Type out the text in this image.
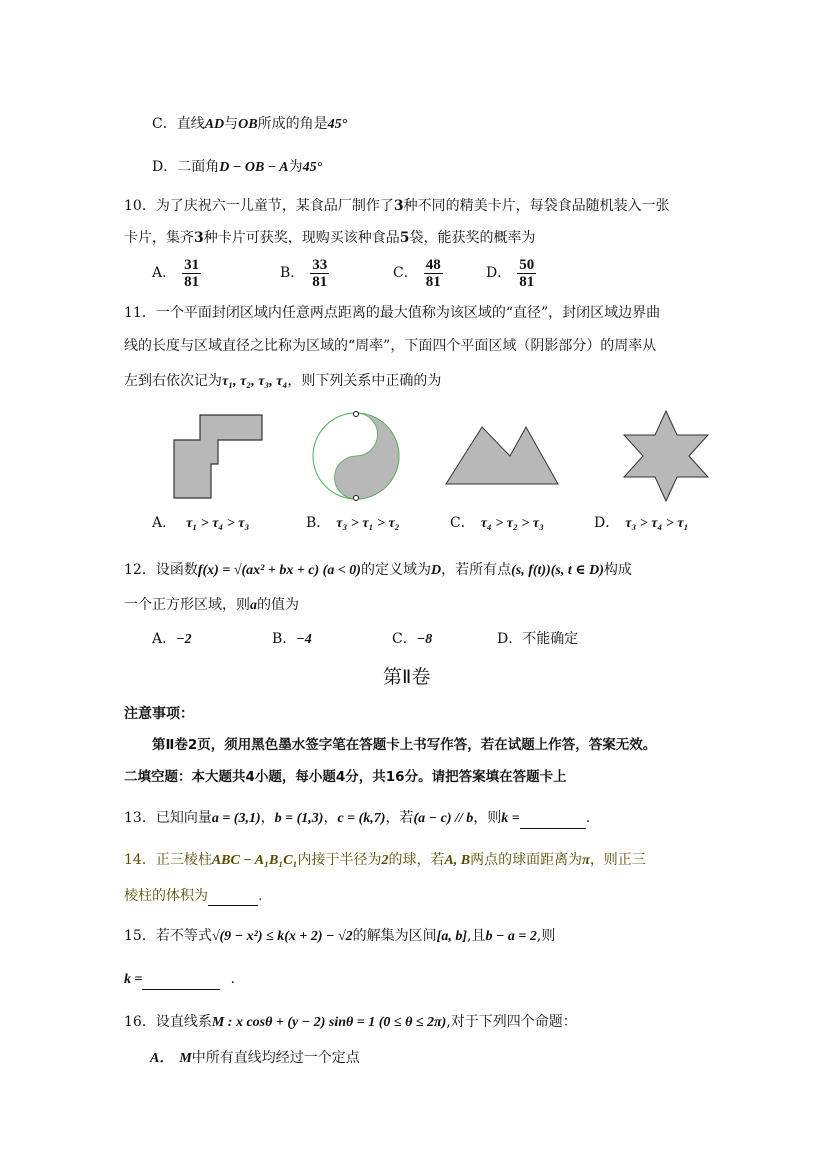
C．直线AD与OB所成的角是45°
D．二面角D − OB − A为45°
10．为了庆祝六一儿童节，某食品厂制作了3种不同的精美卡片，每袋食品随机装入一张
卡片，集齐3种卡片可获奖，现购买该种食品5袋，能获奖的概率为
A． $\frac{31}{81}$	B． $\frac{33}{81}$	C． $\frac{48}{81}$	D． $\frac{50}{81}$
11．一个平面封闭区域内任意两点距离的最大值称为该区域的“直径”，封闭区域边界曲
线的长度与区域直径之比称为区域的“周率”，下面四个平面区域（阴影部分）的周率从
左到右依次记为τ₁, τ₂, τ₃, τ₄，则下列关系中正确的为
A． τ₁ > τ₄ > τ₃	B． τ₃ > τ₁ > τ₂	C． τ₄ > τ₂ > τ₃	D． τ₃ > τ₄ > τ₁
12．设函数f(x) = √(ax² + bx + c) (a < 0)的定义域为D，若所有点(s, f(t))(s, t ∈ D)构成
一个正方形区域，则a的值为
A．−2	B．−4	C．−8	D．不能确定
第Ⅱ卷
注意事项：
第Ⅱ卷2页，须用黑色墨水签字笔在答题卡上书写作答，若在试题上作答，答案无效。
二填空题：本大题共4小题，每小题4分，共16分。请把答案填在答题卡上
13．已知向量a = (3,1)，b = (1,3)，c = (k,7)，若(a − c) // b，则k =	.
14．正三棱柱ABC − A₁B₁C₁内接于半径为2的球，若A, B两点的球面距离为π，则正三
棱柱的体积为	.
15．若不等式√(9 − x²) ≤ k(x + 2) − √2的解集为区间[a, b],且b − a = 2,则
k =	.
16．设直线系M : x cosθ + (y − 2) sinθ = 1 (0 ≤ θ ≤ 2π),对于下列四个命题：
A． M中所有直线均经过一个定点
